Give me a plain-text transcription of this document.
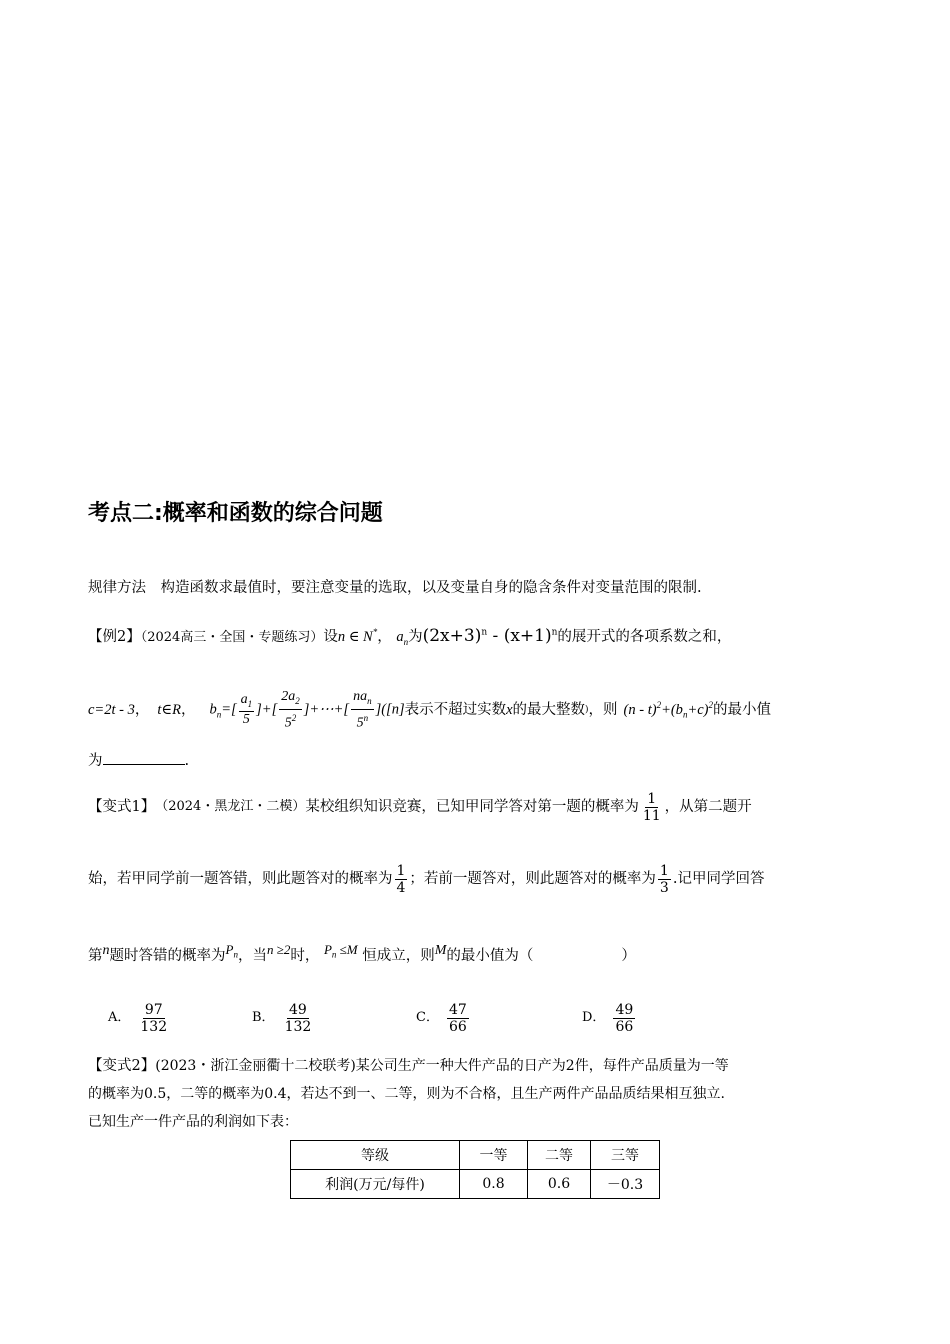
考点二:概率和函数的综合问题
规律方法　构造函数求最值时，要注意变量的选取，以及变量自身的隐含条件对变量范围的限制.
【例2】（2024高三・全国・专题练习）设n ∈ N*， $a_n$为$(2x+3)^n - (x+1)^n$的展开式的各项系数之和，
c=2t - 3 ， t∈R ， $b_n=[ \frac{a_1}{5}$ ]+[ $\frac{2a_2}{5^2}$ ]+⋯+[ $\frac{na_n}{5^n} ]([n]$ 表示不超过实数 x 的最大整数 ) ，则 $(n - t)^2+(b_n+c)^2$ 的最小值
为	.
【变式1】 （2024・黑龙江・二模） 某校组织知识竞赛，已知甲同学答对第一题的概率为 $\frac{1}{11}$ ，从第二题开
始，若甲同学前一题答错，则此题答对的概率为 $\frac{1}{4}$ ；若前一题答对，则此题答对的概率为 $\frac{1}{3}$ .记甲同学回答
第$^n$题时答错的概率为$^{P_n}$，当$^{n \ge 2}$时， $^{P_n \le M}$ 恒成立，则$^M$的最小值为（	）
A． $\frac{97}{132}$	B． $\frac{49}{132}$	C． $\frac{47}{66}$	D． $\frac{49}{66}$
【变式2】(2023・浙江金丽衢十二校联考)某公司生产一种大件产品的日产为2件，每件产品质量为一等
的概率为0.5，二等的概率为0.4，若达不到一、二等，则为不合格，且生产两件产品品质结果相互独立.
已知生产一件产品的利润如下表：
等级	一等	二等	三等
利润(万元/每件)	0.8	0.6	－0.3
